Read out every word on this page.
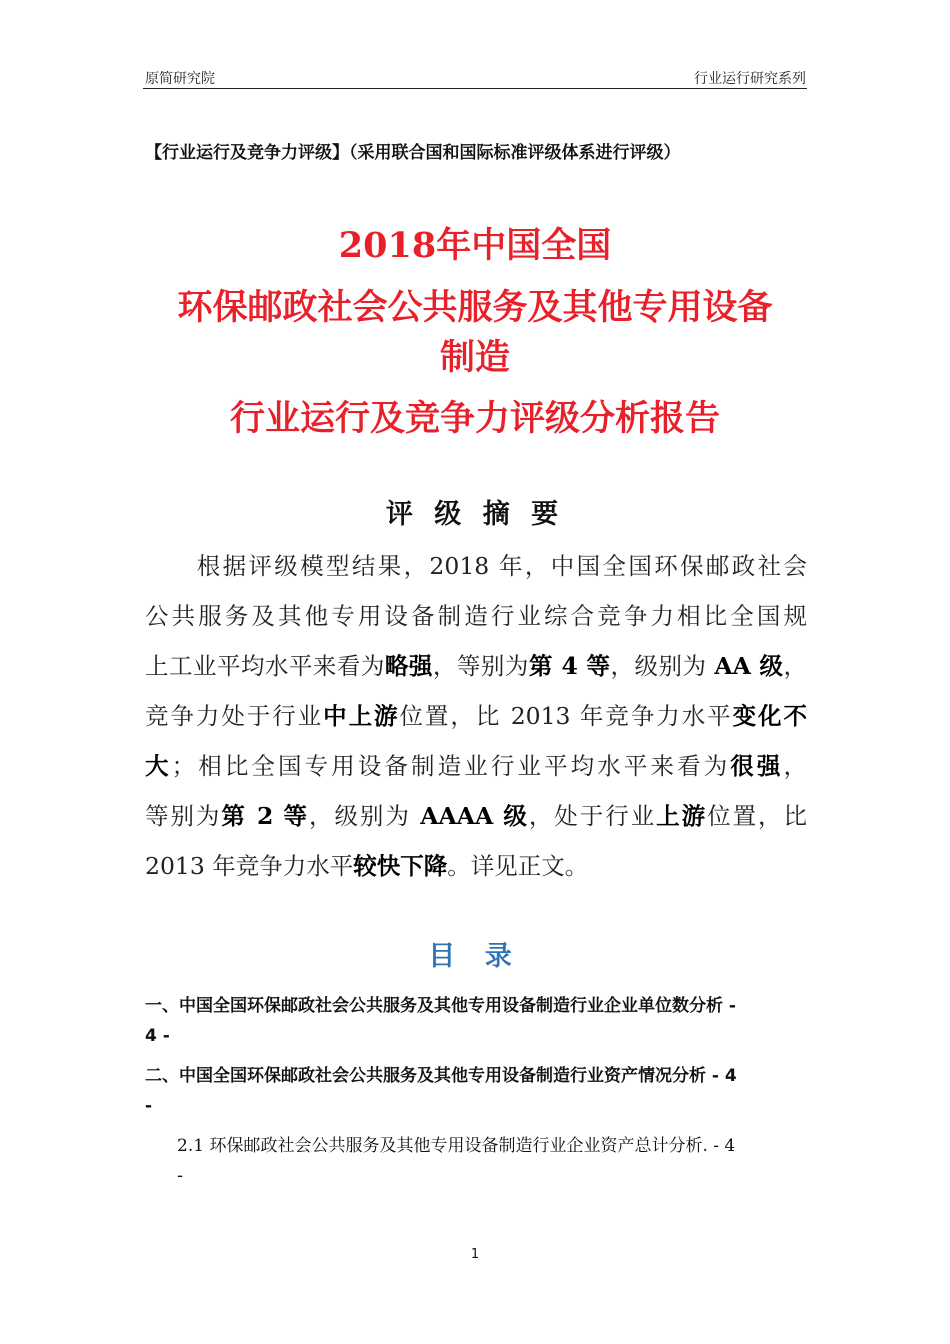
原简研究院	行业运行研究系列
【行业运行及竞争力评级】（采用联合国和国际标准评级体系进行评级）
2018年中国全国
环保邮政社会公共服务及其他专用设备
制造
行业运行及竞争力评级分析报告
评 级 摘 要
　　根据评级模型结果，2018 年，中国全国环保邮政社会
公共服务及其他专用设备制造行业综合竞争力相比全国规
上工业平均水平来看为略强，等别为第 4 等，级别为 AA 级，
竞争力处于行业中上游位置，比 2013 年竞争力水平变化不
大；相比全国专用设备制造业行业平均水平来看为很强，
等别为第 2 等，级别为 AAAA 级，处于行业上游位置，比
2013 年竞争力水平较快下降。详见正文。
目 录
一、中国全国环保邮政社会公共服务及其他专用设备制造行业企业单位数分析 -
4 -
二、中国全国环保邮政社会公共服务及其他专用设备制造行业资产情况分析 - 4
-
2.1 环保邮政社会公共服务及其他专用设备制造行业企业资产总计分析. - 4
-
1
